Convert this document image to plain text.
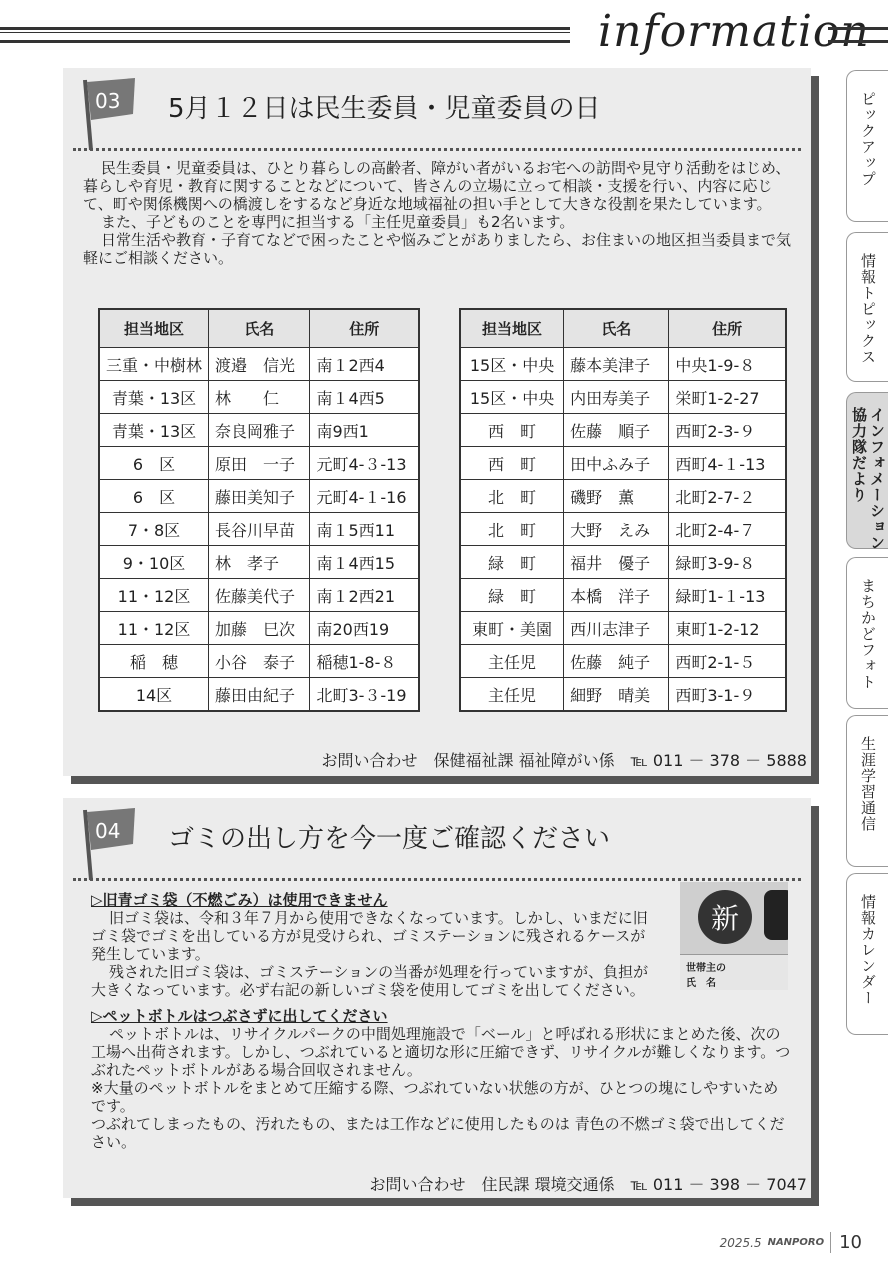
information
ピックアップ
情報トピックス
インフォメーション
協力隊だより
まちかどフォト
生涯学習通信
情報カレンダー
03 5月１２日は民生委員・児童委員の日

民生委員・児童委員は、ひとり暮らしの高齢者、障がい者がいるお宅への訪問や見守り活動をはじめ、暮らしや育児・教育に関することなどについて、皆さんの立場に立って相談・支援を行い、内容に応じて、町や関係機関への橋渡しをするなど身近な地域福祉の担い手として大きな役割を果たしています。

また、子どものことを専門に担当する「主任児童委員」も2名います。

日常生活や教育・子育てなどで困ったことや悩みごとがありましたら、お住まいの地区担当委員まで気軽にご相談ください。

担当地区	氏名	住所
三重・中樹林	渡邉　信光	南１2西4
青葉・13区	林　　仁	南１4西5
青葉・13区	奈良岡雅子	南9西1
6　区	原田　一子	元町4-３-13
6　区	藤田美知子	元町4-１-16
7・8区	長谷川早苗	南１5西11
9・10区	林　孝子	南１4西15
11・12区	佐藤美代子	南１2西21
11・12区	加藤　巳次	南20西19
稲　穂	小谷　泰子	稲穂1-8-８
14区	藤田由紀子	北町3-３-19
担当地区	氏名	住所
15区・中央	藤本美津子	中央1-9-８
15区・中央	内田寿美子	栄町1-2-27
西　町	佐藤　順子	西町2-3-９
西　町	田中ふみ子	西町4-１-13
北　町	磯野　薫	北町2-7-２
北　町	大野　えみ	北町2-4-７
緑　町	福井　優子	緑町3-9-８
緑　町	本橋　洋子	緑町1-１-13
東町・美園	西川志津子	東町1-2-12
主任児	佐藤　純子	西町2-1-５
主任児	細野　晴美	西町3-1-９
お問い合わせ　保健福祉課 福祉障がい係　℡ 011 － 378 － 5888
04 ゴミの出し方を今一度ご確認ください
▷旧青ゴミ袋（不燃ごみ）は使用できません

旧ゴミ袋は、令和３年７月から使用できなくなっています。しかし、いまだに旧ゴミ袋でゴミを出している方が見受けられ、ゴミステーションに残されるケースが発生しています。

残された旧ゴミ袋は、ゴミステーションの当番が処理を行っていますが、負担が大きくなっています。必ず右記の新しいゴミ袋を使用してゴミを出してください。

新
世帯主の
氏　名
▷ペットボトルはつぶさずに出してください

ペットボトルは、リサイクルパークの中間処理施設で「ベール」と呼ばれる形状にまとめた後、次の工場へ出荷されます。しかし、つぶれていると適切な形に圧縮できず、リサイクルが難しくなります。つぶれたペットボトルがある場合回収されません。

※大量のペットボトルをまとめて圧縮する際、つぶれていない状態の方が、ひとつの塊にしやすいためです。

つぶれてしまったもの、汚れたもの、または工作などに使用したものは 青色の不燃ゴミ袋で出してください。

お問い合わせ　住民課 環境交通係　℡ 011 － 398 － 7047
2025.5 NANPORO 10
